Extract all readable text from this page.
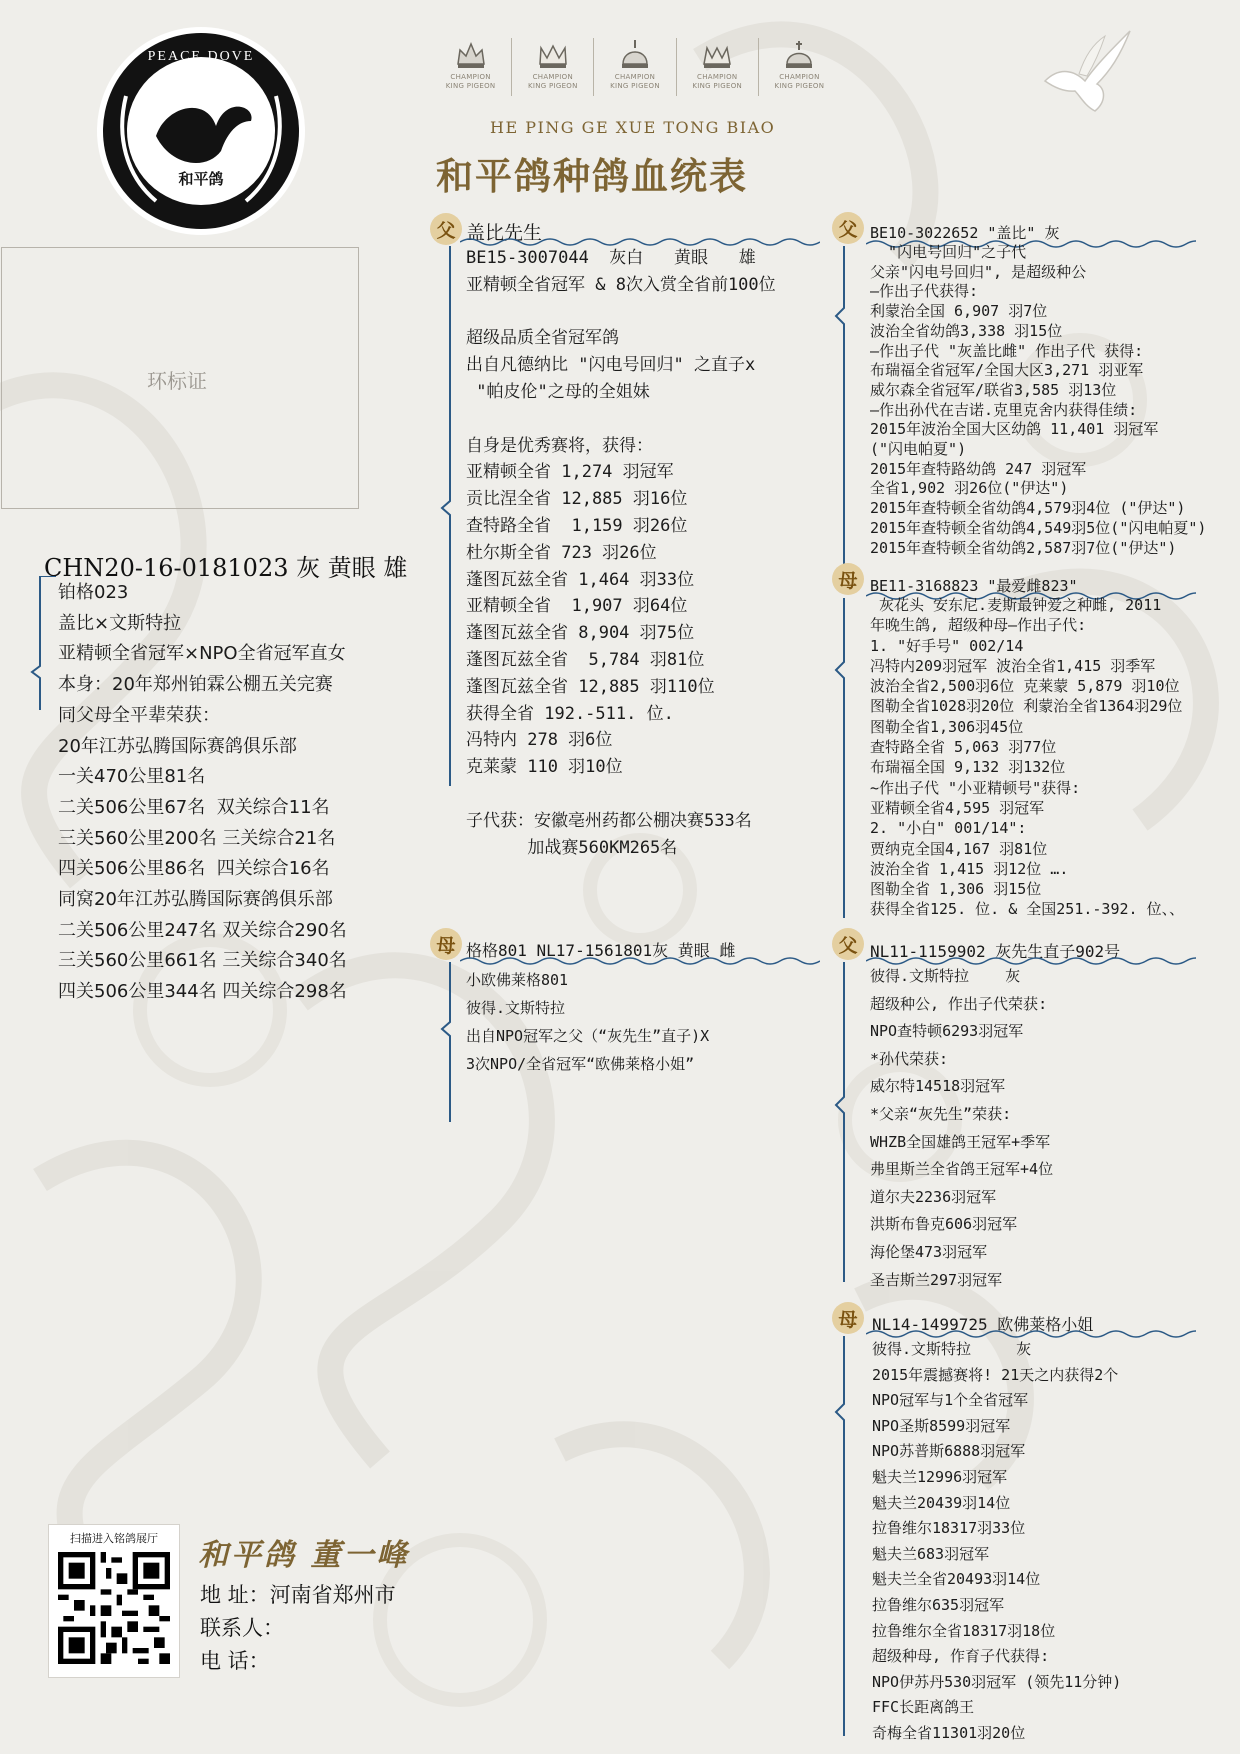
PEACE DOVE
和平鸽
CHAMPION
KING PIGEON
CHAMPION
KING PIGEON
CHAMPION
KING PIGEON
CHAMPION
KING PIGEON
CHAMPION
KING PIGEON
HE PING GE XUE TONG BIAO
和平鸽种鸽血统表
环标证
CHN20-16-0181023 灰 黄眼 雄
铂格023
盖比×文斯特拉
亚精顿全省冠军×NPO全省冠军直女
本身：20年郑州铂霖公棚五关完赛
同父母全平辈荣获：
20年江苏弘腾国际赛鸽俱乐部
一关470公里81名
二关506公里67名  双关综合11名
三关560公里200名 三关综合21名
四关506公里86名  四关综合16名
同窝20年江苏弘腾国际赛鸽俱乐部
二关506公里247名 双关综合290名
三关560公里661名 三关综合340名
四关506公里344名 四关综合298名
父 盖比先生
BE15-3007044  灰白   黄眼   雄
亚精顿全省冠军 & 8次入赏全省前100位

超级品质全省冠军鸽
出自凡德纳比 "闪电号回归" 之直子x
"帕皮伦"之母的全姐妹

自身是优秀赛将，获得：
亚精顿全省 1,274 羽冠军
贡比涅全省 12,885 羽16位
查特路全省  1,159 羽26位
杜尔斯全省 723 羽26位
蓬图瓦兹全省 1,464 羽33位
亚精顿全省  1,907 羽64位
蓬图瓦兹全省 8,904 羽75位
蓬图瓦兹全省  5,784 羽81位
蓬图瓦兹全省 12,885 羽110位
获得全省 192.-511. 位.
冯特内 278 羽6位
克莱蒙 110 羽10位

子代获：安徽亳州药都公棚决赛533名
加战赛560KM265名
母 格格801 NL17-1561801灰 黄眼 雌
小欧佛莱格801
彼得.文斯特拉
出自NPO冠军之父（“灰先生”直子)X
3次NPO/全省冠军“欧佛莱格小姐”
父 BE10-3022652 "盖比" 灰
"闪电号回归"之子代
父亲"闪电号回归", 是超级种公
—作出子代获得:
利蒙治全国 6,907 羽7位
波治全省幼鸽3,338 羽15位
—作出子代 "灰盖比雌" 作出子代 获得:
布瑞福全省冠军/全国大区3,271 羽亚军
威尔森全省冠军/联省3,585 羽13位
—作出孙代在吉诺.克里克舍内获得佳绩:
2015年波治全国大区幼鸽 11,401 羽冠军
("闪电帕夏")
2015年查特路幼鸽 247 羽冠军
全省1,902 羽26位("伊达")
2015年查特顿全省幼鸽4,579羽4位 ("伊达")
2015年查特顿全省幼鸽4,549羽5位("闪电帕夏")
2015年查特顿全省幼鸽2,587羽7位("伊达")
母 BE11-3168823 "最爱雌823"
灰花头 安东尼.麦斯最钟爱之种雌, 2011
年晚生鸽, 超级种母—作出子代:
1. "好手号" 002/14
冯特内209羽冠军 波治全省1,415 羽季军
波治全省2,500羽6位 克莱蒙 5,879 羽10位
图勒全省1028羽20位 利蒙治全省1364羽29位
图勒全省1,306羽45位
查特路全省 5,063 羽77位
布瑞福全国 9,132 羽132位
~作出子代 "小亚精顿号"获得:
亚精顿全省4,595 羽冠军
2. "小白" 001/14":
贾纳克全国4,167 羽81位
波治全省 1,415 羽12位 ….
图勒全省 1,306 羽15位
获得全省125. 位. & 全国251.-392. 位、、
父 NL11-1159902 灰先生直子902号
彼得.文斯特拉    灰
超级种公, 作出子代荣获:
NPO查特顿6293羽冠军
*孙代荣获:
威尔特14518羽冠军
*父亲“灰先生”荣获:
WHZB全国雄鸽王冠军+季军
弗里斯兰全省鸽王冠军+4位
道尔夫2236羽冠军
洪斯布鲁克606羽冠军
海伦堡473羽冠军
圣吉斯兰297羽冠军
母 NL14-1499725 欧佛莱格小姐
彼得.文斯特拉     灰
2015年震撼赛将! 21天之内获得2个
NPO冠军与1个全省冠军
NPO圣斯8599羽冠军
NPO苏普斯6888羽冠军
魁夫兰12996羽冠军
魁夫兰20439羽14位
拉鲁维尔18317羽33位
魁夫兰683羽冠军
魁夫兰全省20493羽14位
拉鲁维尔635羽冠军
拉鲁维尔全省18317羽18位
超级种母, 作育子代获得:
NPO伊苏丹530羽冠军 (领先11分钟)
FFC长距离鸽王
奇梅全省11301羽20位
扫描进入铭鸽展厅	和平鸽 董一峰
地 址：河南省郑州市
联系人：
电 话：
